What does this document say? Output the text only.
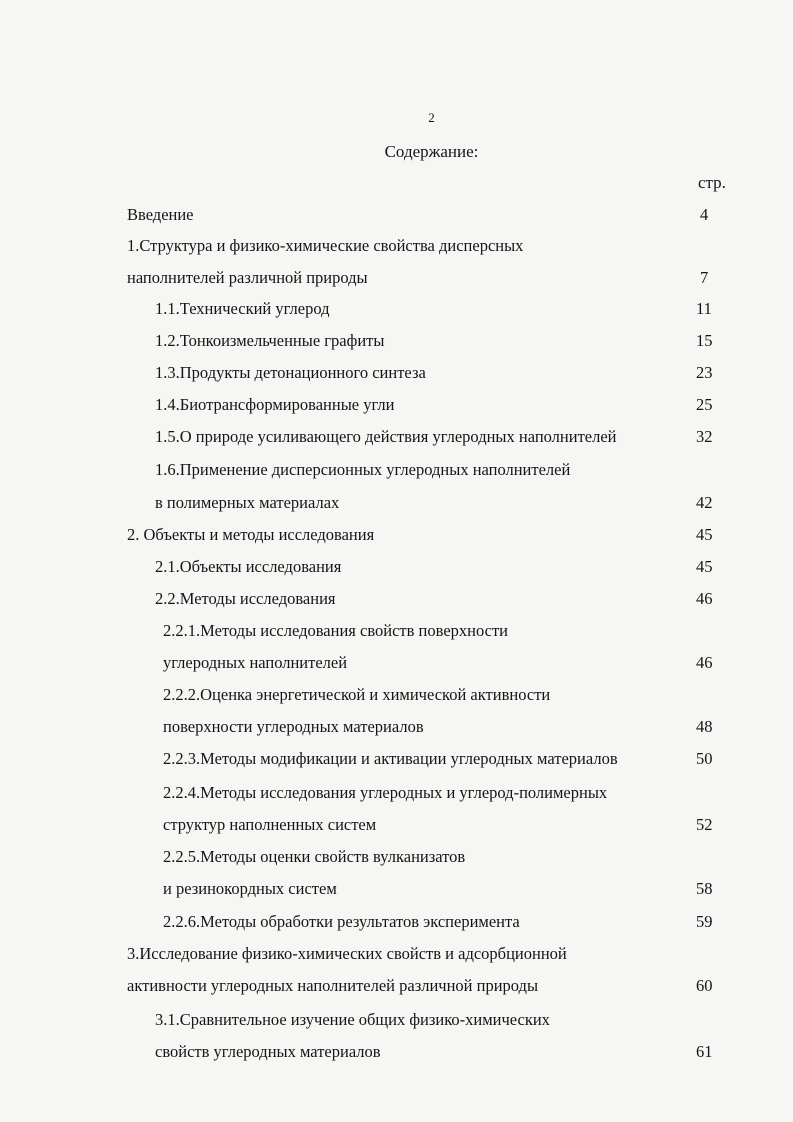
2
Содержание:
стр.
Введение	4
1.Структура и физико-химические свойства дисперсных
наполнителей различной природы	7
1.1.Технический углерод	11
1.2.Тонкоизмельченные графиты	15
1.3.Продукты детонационного синтеза	23
1.4.Биотрансформированные угли	25
1.5.О природе усиливающего действия углеродных наполнителей	32
1.6.Применение дисперсионных углеродных наполнителей
в полимерных материалах	42
2. Объекты и методы исследования	45
2.1.Объекты исследования	45
2.2.Методы исследования	46
2.2.1.Методы исследования свойств поверхности
углеродных наполнителей	46
2.2.2.Оценка энергетической и химической активности
поверхности углеродных материалов	48
2.2.3.Методы модификации и активации углеродных материалов	50
2.2.4.Методы исследования углеродных и углерод-полимерных
структур наполненных систем	52
2.2.5.Методы оценки свойств вулканизатов
и резинокордных систем	58
2.2.6.Методы обработки результатов эксперимента	59
3.Исследование физико-химических свойств и адсорбционной
активности углеродных наполнителей различной природы	60
3.1.Сравнительное изучение общих физико-химических
свойств углеродных материалов	61
